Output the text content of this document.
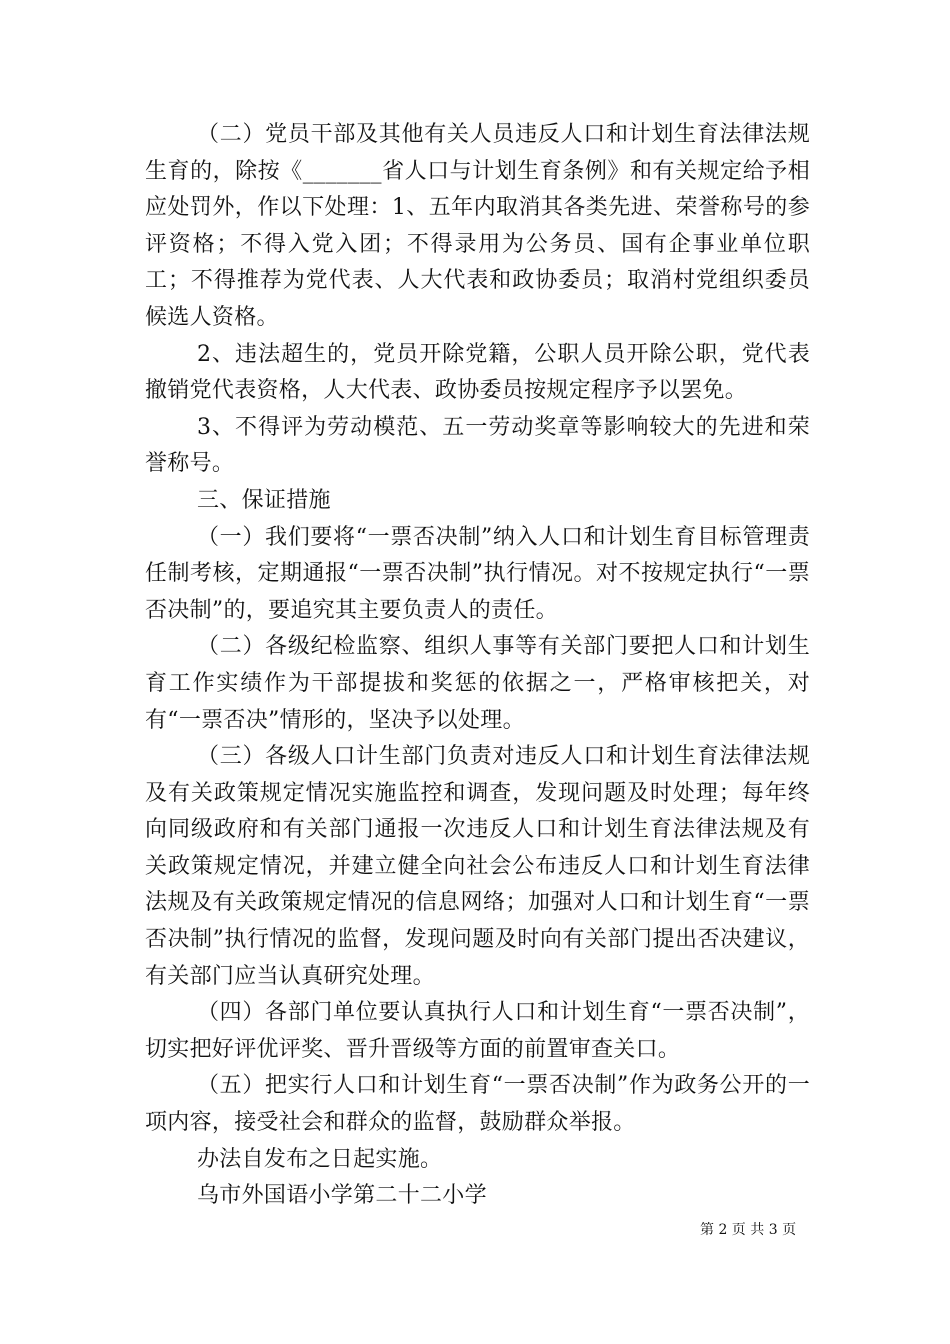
（二）党员干部及其他有关人员违反人口和计划生育法律法规生育的，除按《_______省人口与计划生育条例》和有关规定给予相应处罚外，作以下处理：1、五年内取消其各类先进、荣誉称号的参评资格；不得入党入团；不得录用为公务员、国有企事业单位职工；不得推荐为党代表、人大代表和政协委员；取消村党组织委员候选人资格。

2、违法超生的，党员开除党籍，公职人员开除公职，党代表撤销党代表资格，人大代表、政协委员按规定程序予以罢免。

3、不得评为劳动模范、五一劳动奖章等影响较大的先进和荣誉称号。

三、保证措施

（一）我们要将“一票否决制”纳入人口和计划生育目标管理责任制考核，定期通报“一票否决制”执行情况。对不按规定执行“一票否决制”的，要追究其主要负责人的责任。

（二）各级纪检监察、组织人事等有关部门要把人口和计划生育工作实绩作为干部提拔和奖惩的依据之一，严格审核把关，对有“一票否决”情形的，坚决予以处理。

（三）各级人口计生部门负责对违反人口和计划生育法律法规及有关政策规定情况实施监控和调查，发现问题及时处理；每年终向同级政府和有关部门通报一次违反人口和计划生育法律法规及有关政策规定情况，并建立健全向社会公布违反人口和计划生育法律法规及有关政策规定情况的信息网络；加强对人口和计划生育“一票否决制”执行情况的监督，发现问题及时向有关部门提出否决建议，有关部门应当认真研究处理。

（四）各部门单位要认真执行人口和计划生育“一票否决制”，切实把好评优评奖、晋升晋级等方面的前置审查关口。

（五）把实行人口和计划生育“一票否决制”作为政务公开的一项内容，接受社会和群众的监督，鼓励群众举报。

办法自发布之日起实施。

乌市外国语小学第二十二小学

第 2 页 共 3 页
